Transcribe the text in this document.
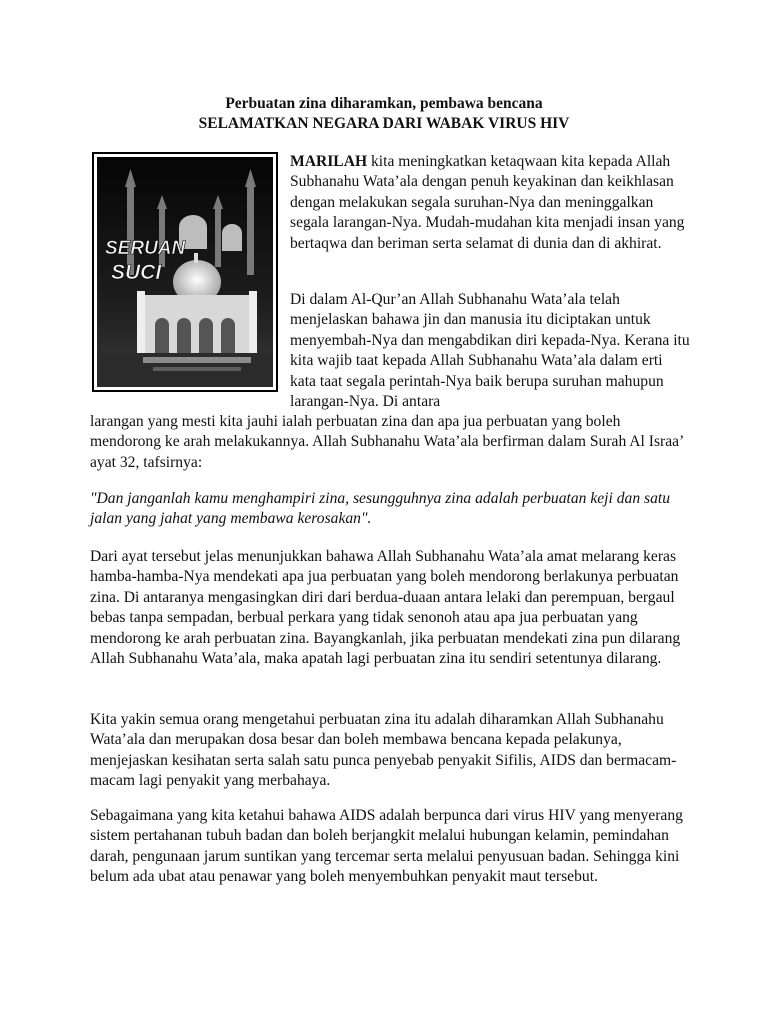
Perbuatan zina diharamkan, pembawa bencana
SELAMATKAN NEGARA DARI WABAK VIRUS HIV
SERUAN
SUCI

MARILAH kita meningkatkan ketaqwaan kita kepada Allah Subhanahu Wata’ala dengan penuh keyakinan dan keikhlasan dengan melakukan segala suruhan-Nya dan meninggalkan segala larangan-Nya. Mudah-mudahan kita menjadi insan yang bertaqwa dan beriman serta selamat di dunia dan di akhirat.

Di dalam Al-Qur’an Allah Subhanahu Wata’ala telah menjelaskan bahawa jin dan manusia itu diciptakan untuk menyembah-Nya dan mengabdikan diri kepada-Nya. Kerana itu kita wajib taat kepada Allah Subhanahu Wata’ala dalam erti kata taat segala perintah-Nya baik berupa suruhan mahupun larangan-Nya. Di antara

larangan yang mesti kita jauhi ialah perbuatan zina dan apa jua perbuatan yang boleh mendorong ke arah melakukannya. Allah Subhanahu Wata’ala berfirman dalam Surah Al Israa’ ayat 32, tafsirnya:

"Dan janganlah kamu menghampiri zina, sesungguhnya zina adalah perbuatan keji dan satu jalan yang jahat yang membawa kerosakan".

Dari ayat tersebut jelas menunjukkan bahawa Allah Subhanahu Wata’ala amat melarang keras hamba-hamba-Nya mendekati apa jua perbuatan yang boleh mendorong berlakunya perbuatan zina. Di antaranya mengasingkan diri dari berdua-duaan antara lelaki dan perempuan, bergaul bebas tanpa sempadan, berbual perkara yang tidak senonoh atau apa jua perbuatan yang mendorong ke arah perbuatan zina. Bayangkanlah, jika perbuatan mendekati zina pun dilarang Allah Subhanahu Wata’ala, maka apatah lagi perbuatan zina itu sendiri setentunya dilarang.

Kita yakin semua orang mengetahui perbuatan zina itu adalah diharamkan Allah Subhanahu Wata’ala dan merupakan dosa besar dan boleh membawa bencana kepada pelakunya, menjejaskan kesihatan serta salah satu punca penyebab penyakit Sifilis, AIDS dan bermacam-macam lagi penyakit yang merbahaya.

Sebagaimana yang kita ketahui bahawa AIDS adalah berpunca dari virus HIV yang menyerang sistem pertahanan tubuh badan dan boleh berjangkit melalui hubungan kelamin, pemindahan darah, pengunaan jarum suntikan yang tercemar serta melalui penyusuan badan. Sehingga kini belum ada ubat atau penawar yang boleh menyembuhkan penyakit maut tersebut.
